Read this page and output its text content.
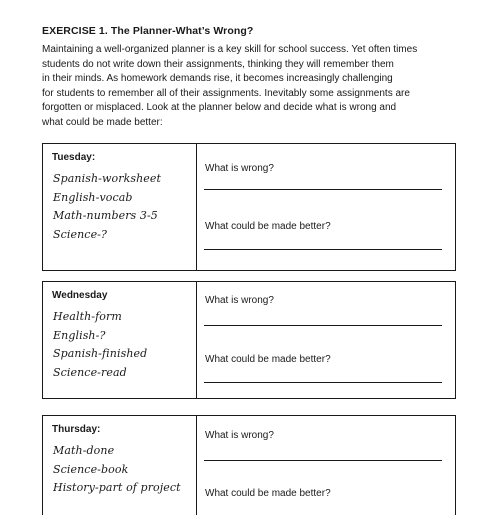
EXERCISE 1. The Planner-What’s Wrong?
Maintaining a well-organized planner is a key skill for school success. Yet often times
students do not write down their assignments, thinking they will remember them
in their minds. As homework demands rise, it becomes increasingly challenging
for students to remember all of their assignments. Inevitably some assignments are
forgotten or misplaced. Look at the planner below and decide what is wrong and
what could be made better:
Tuesday:
Spanish-worksheet
English-vocab
Math-numbers 3-5
Science-?
What is wrong?
What could be made better?
Wednesday
Health-form
English-?
Spanish-finished
Science-read
What is wrong?
What could be made better?
Thursday:
Math-done
Science-book
History-part of project
What is wrong?
What could be made better?
